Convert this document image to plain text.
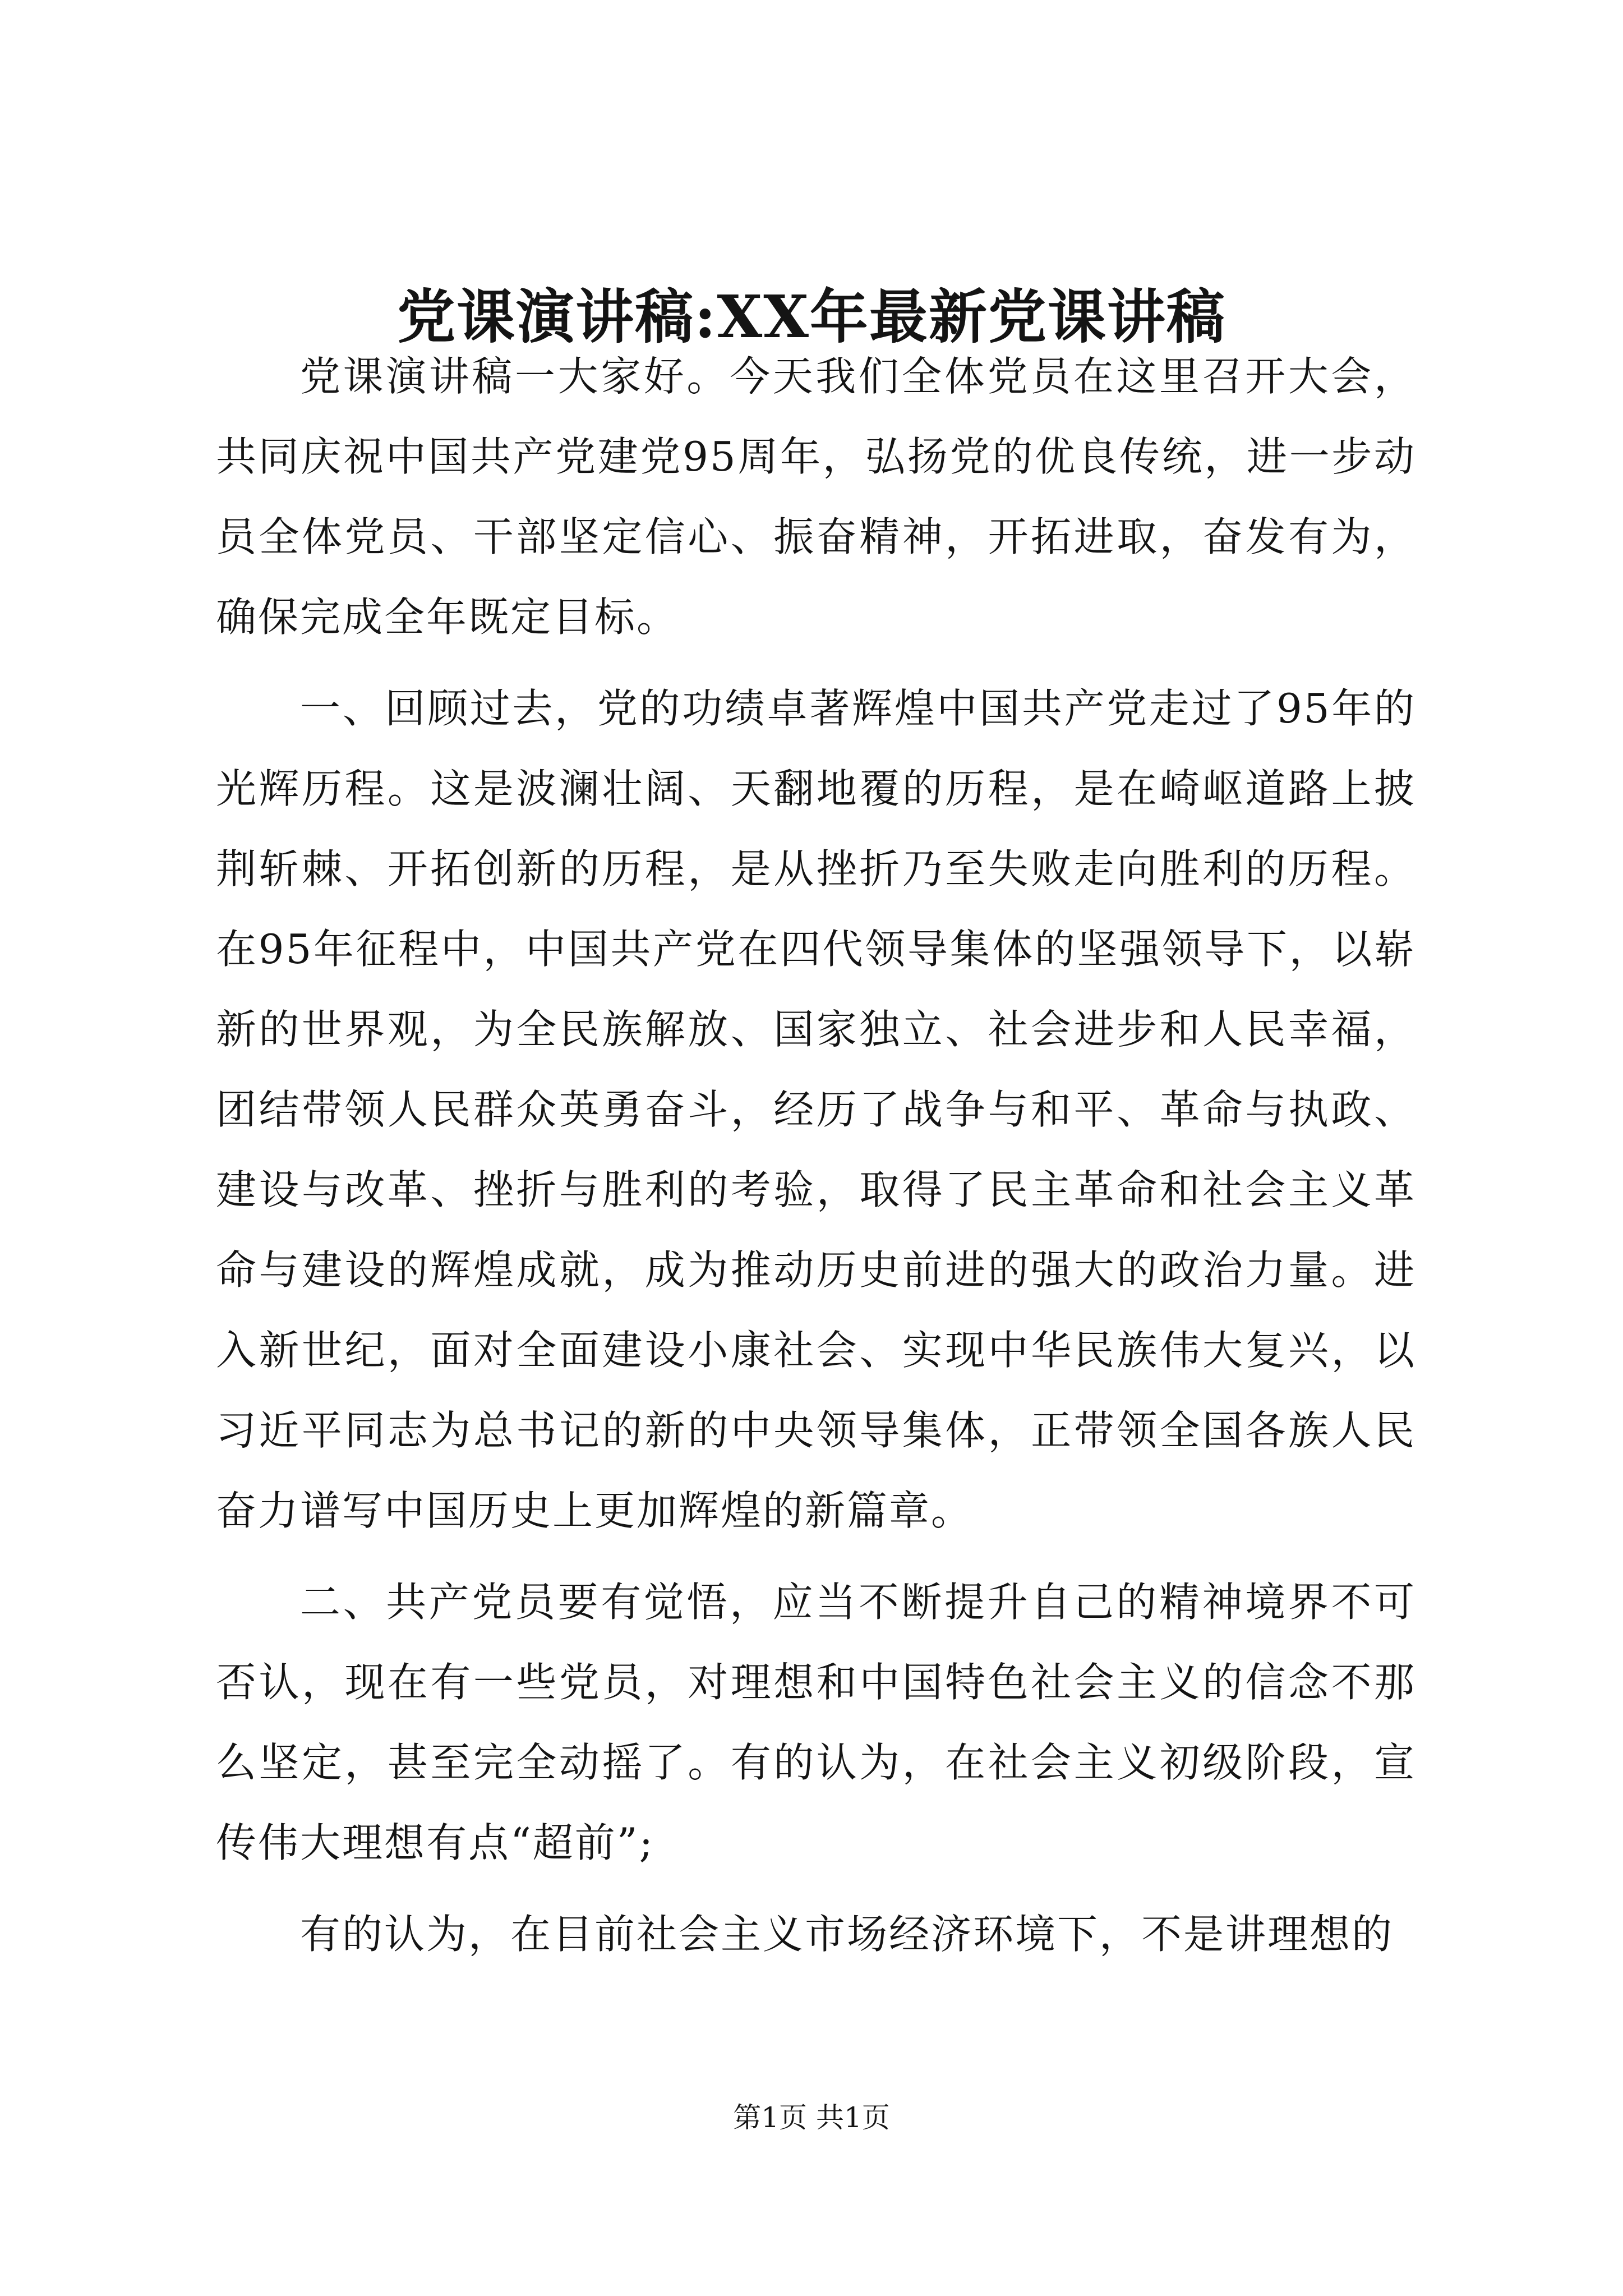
党课演讲稿:XX年最新党课讲稿

党课演讲稿一大家好。今天我们全体党员在这里召开大会，共同庆祝中国共产党建党95周年，弘扬党的优良传统，进一步动员全体党员、干部坚定信心、振奋精神，开拓进取，奋发有为，确保完成全年既定目标。

一、回顾过去，党的功绩卓著辉煌中国共产党走过了95年的光辉历程。这是波澜壮阔、天翻地覆的历程，是在崎岖道路上披荆斩棘、开拓创新的历程，是从挫折乃至失败走向胜利的历程。在95年征程中，中国共产党在四代领导集体的坚强领导下，以崭新的世界观，为全民族解放、国家独立、社会进步和人民幸福，团结带领人民群众英勇奋斗，经历了战争与和平、革命与执政、建设与改革、挫折与胜利的考验，取得了民主革命和社会主义革命与建设的辉煌成就，成为推动历史前进的强大的政治力量。进入新世纪，面对全面建设小康社会、实现中华民族伟大复兴，以习近平同志为总书记的新的中央领导集体，正带领全国各族人民奋力谱写中国历史上更加辉煌的新篇章。

二、共产党员要有觉悟，应当不断提升自己的精神境界不可否认，现在有一些党员，对理想和中国特色社会主义的信念不那么坚定，甚至完全动摇了。有的认为，在社会主义初级阶段，宣传伟大理想有点“超前”;

有的认为，在目前社会主义市场经济环境下，不是讲理想的

第1页 共1页
